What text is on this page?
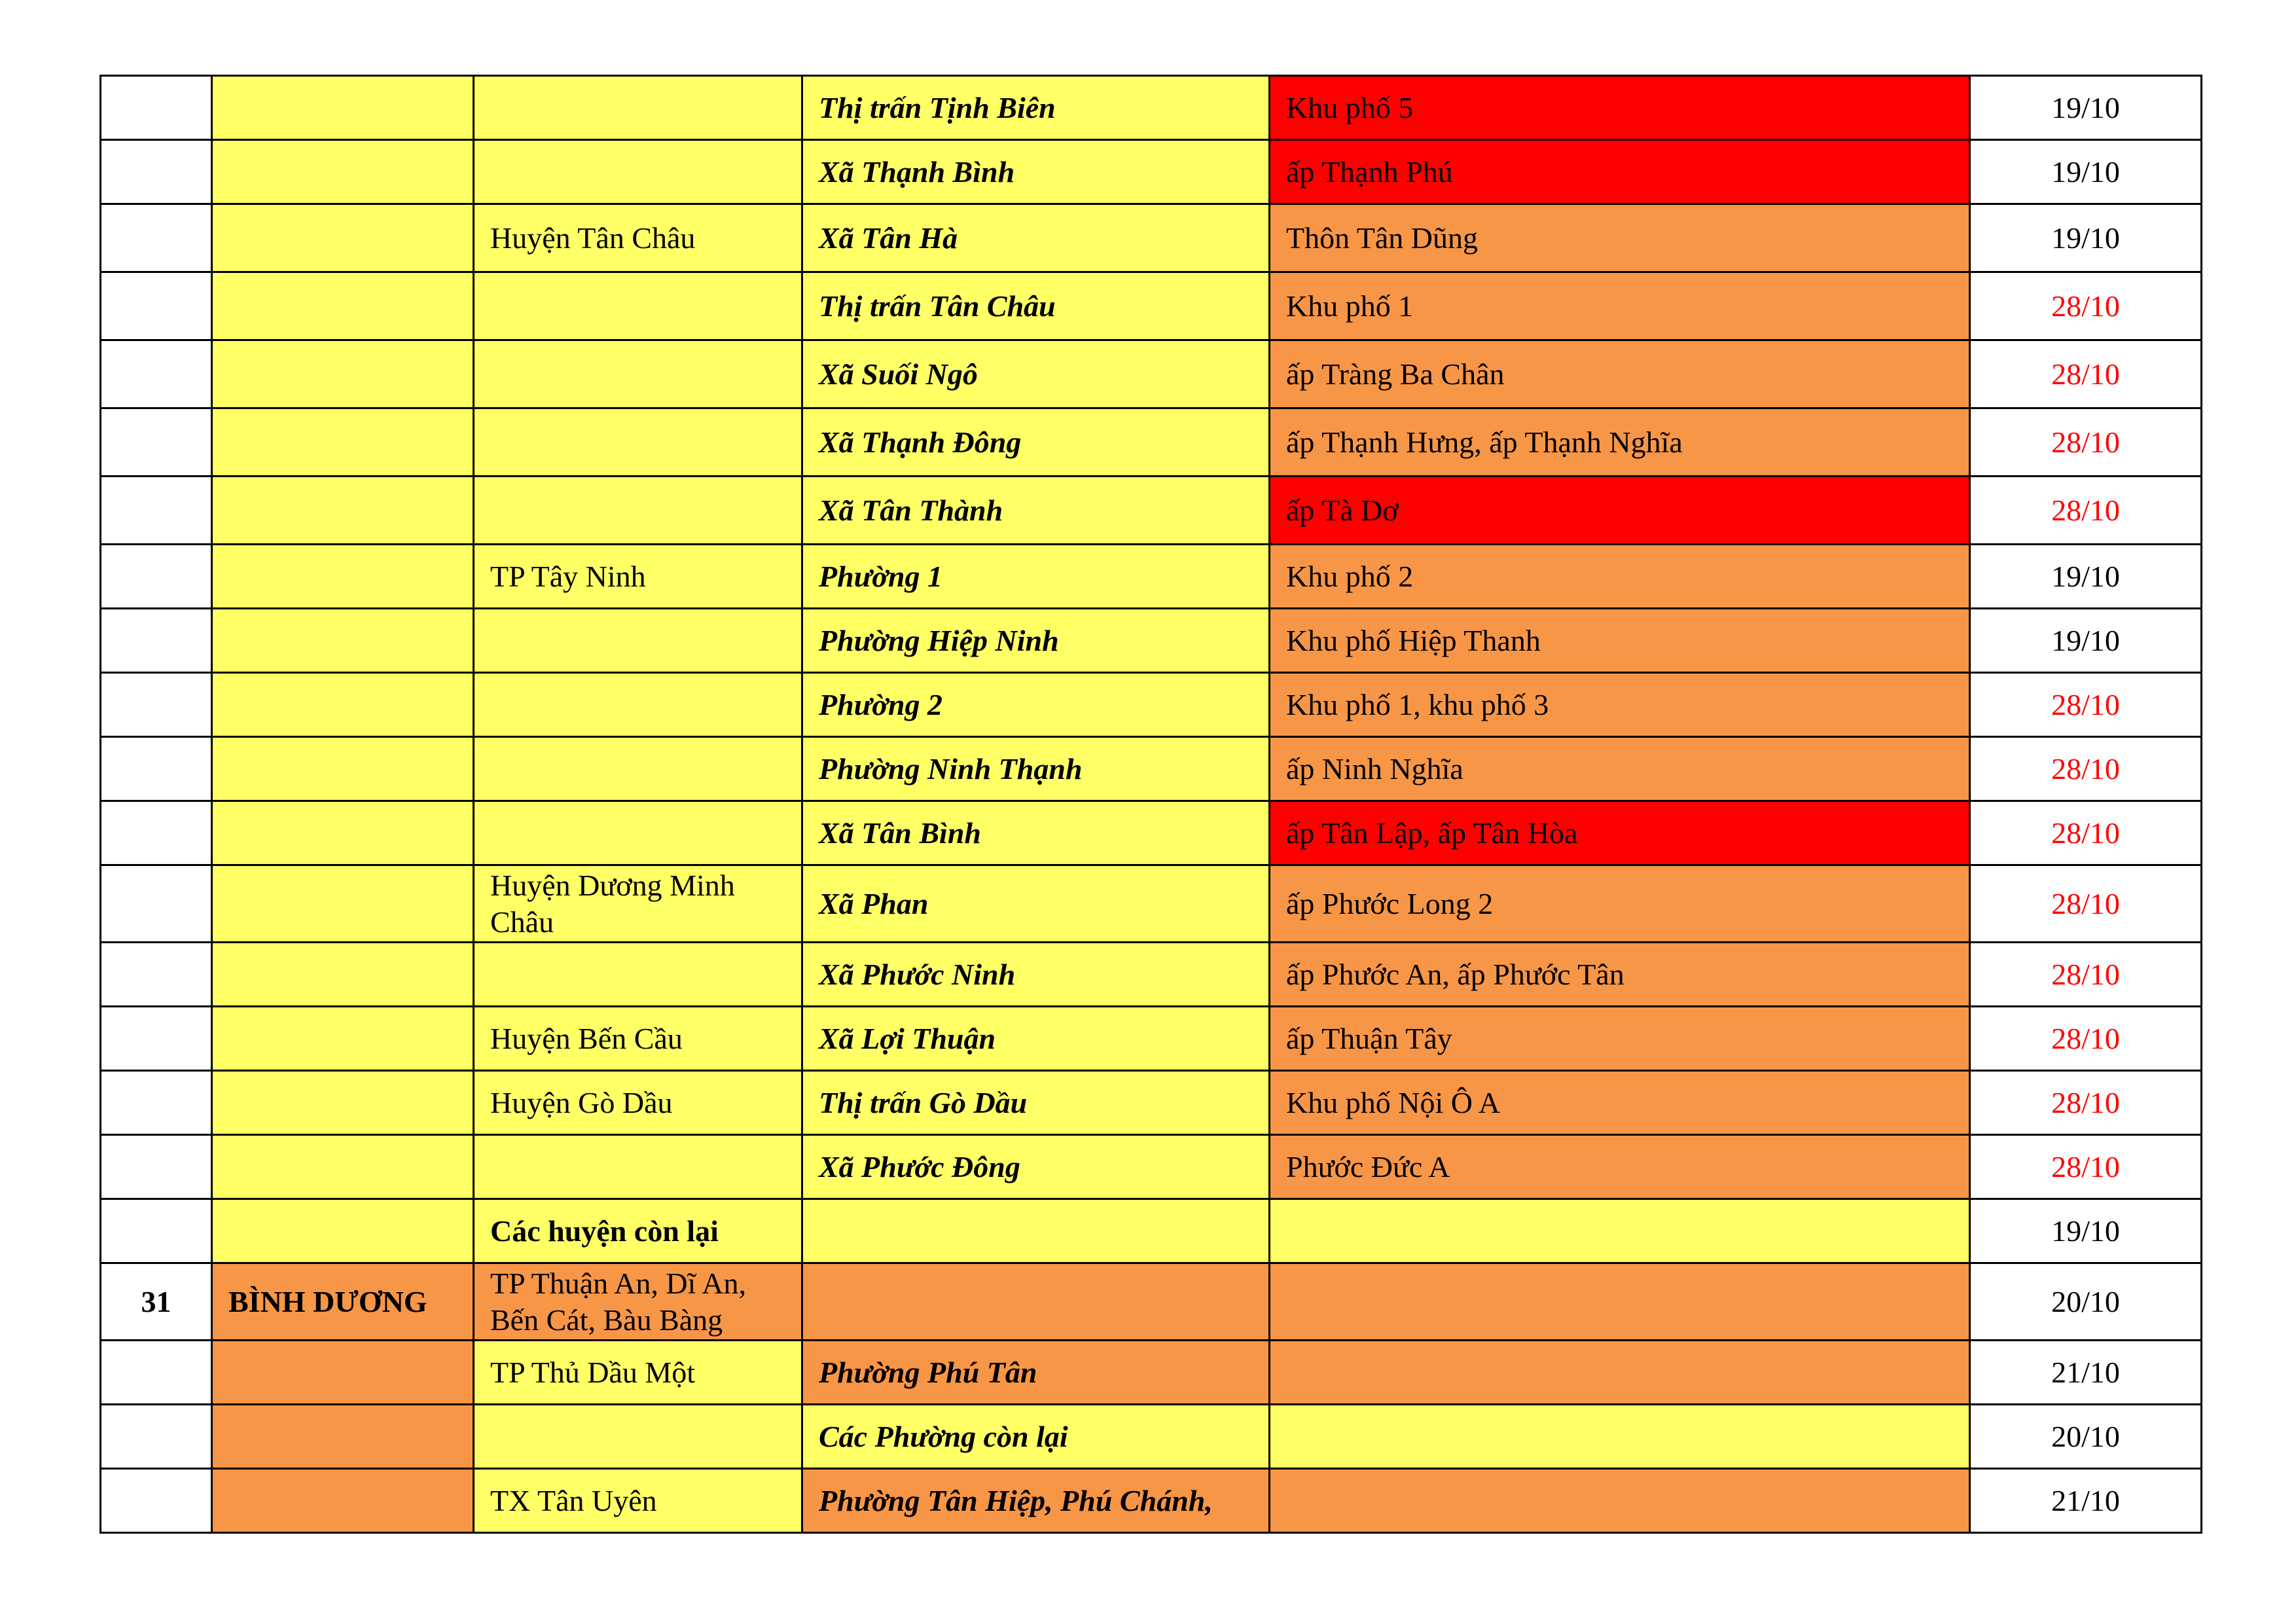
			Thị trấn Tịnh Biên	Khu phố 5	19/10
			Xã Thạnh Bình	ấp Thạnh Phú	19/10
		Huyện Tân Châu	Xã Tân Hà	Thôn Tân Dũng	19/10
			Thị trấn Tân Châu	Khu phố 1	28/10
			Xã Suối Ngô	ấp Tràng Ba Chân	28/10
			Xã Thạnh Đông	ấp Thạnh Hưng, ấp Thạnh Nghĩa	28/10
			Xã Tân Thành	ấp Tà Dơ	28/10
		TP Tây Ninh	Phường 1	Khu phố 2	19/10
			Phường Hiệp Ninh	Khu phố Hiệp Thanh	19/10
			Phường 2	Khu phố 1, khu phố 3	28/10
			Phường Ninh Thạnh	ấp Ninh Nghĩa	28/10
			Xã Tân Bình	ấp Tân Lập, ấp Tân Hòa	28/10
		Huyện Dương Minh Châu	Xã Phan	ấp Phước Long 2	28/10
			Xã Phước Ninh	ấp Phước An, ấp Phước Tân	28/10
		Huyện Bến Cầu	Xã Lợi Thuận	ấp Thuận Tây	28/10
		Huyện Gò Dầu	Thị trấn Gò Dầu	Khu phố Nội Ô A	28/10
			Xã Phước Đông	Phước Đức A	28/10
		Các huyện còn lại			19/10
31	BÌNH DƯƠNG	TP Thuận An, Dĩ An, Bến Cát, Bàu Bàng			20/10
		TP Thủ Dầu Một	Phường Phú Tân		21/10
			Các Phường còn lại		20/10
		TX Tân Uyên	Phường Tân Hiệp, Phú Chánh,		21/10
